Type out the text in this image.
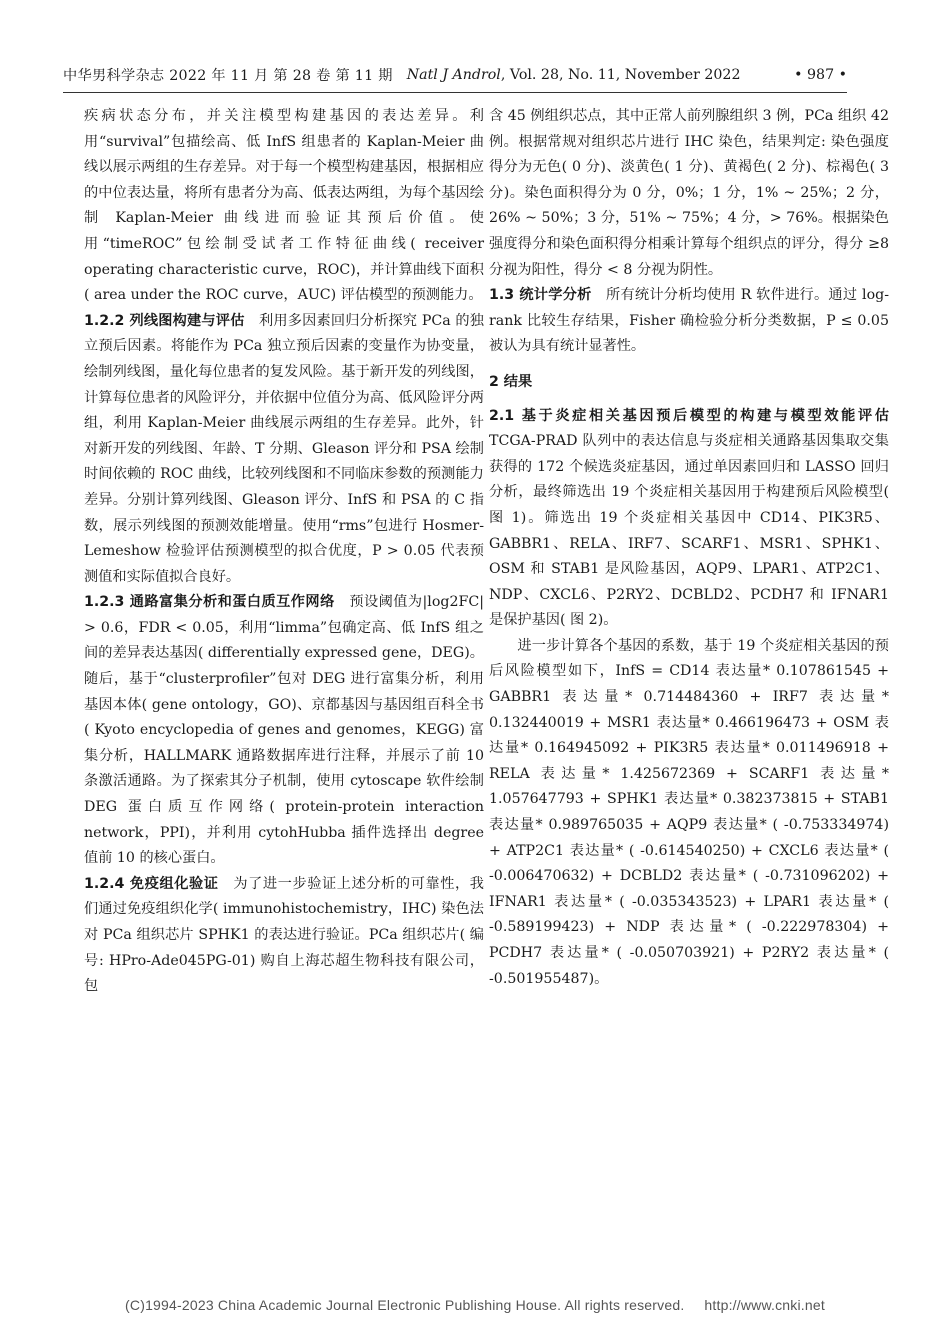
中华男科学杂志 2022 年 11 月 第 28 卷 第 11 期 Natl J Androl , Vol. 28, No. 11, November 2022	• 987 •

疾病状态分布，并关注模型构建基因的表达差异。利用“survival”包描绘高、低 InfS 组患者的 Kaplan-Meier 曲线以展示两组的生存差异。对于每一个模型构建基因，根据相应的中位表达量，将所有患者分为高、低表达两组，为每个基因绘制 Kaplan-Meier 曲线进而验证其预后价值。使用“timeROC”包绘制受试者工作特征曲线( receiver operating characteristic curve，ROC)，并计算曲线下面积( area under the ROC curve，AUC) 评估模型的预测能力。

1.2.2 列线图构建与评估　 利用多因素回归分析探究 PCa 的独立预后因素。将能作为 PCa 独立预后因素的变量作为协变量，绘制列线图，量化每位患者的复发风险。基于新开发的列线图，计算每位患者的风险评分，并依据中位值分为高、低风险评分两组，利用 Kaplan-Meier 曲线展示两组的生存差异。此外，针对新开发的列线图、年龄、T 分期、Gleason 评分和 PSA 绘制时间依赖的 ROC 曲线，比较列线图和不同临床参数的预测能力差异。分别计算列线图、Gleason 评分、InfS 和 PSA 的 C 指数，展示列线图的预测效能增量。使用“rms”包进行 Hosmer-Lemeshow 检验评估预测模型的拟合优度，P > 0.05 代表预测值和实际值拟合良好。

1.2.3 通路富集分析和蛋白质互作网络　 预设阈值为|log2FC| > 0.6，FDR < 0.05，利用“limma”包确定高、低 InfS 组之间的差异表达基因( differentially expressed gene，DEG)。随后，基于“clusterprofiler”包对 DEG 进行富集分析，利用基因本体( gene ontology，GO)、京都基因与基因组百科全书( Kyoto encyclopedia of genes and genomes，KEGG) 富集分析，HALLMARK 通路数据库进行注释，并展示了前 10 条激活通路。为了探索其分子机制，使用 cytoscape 软件绘制 DEG 蛋白质互作网络( protein-protein interaction network，PPI)，并利用 cytohHubba 插件选择出 degree 值前 10 的核心蛋白。

1.2.4 免疫组化验证　 为了进一步验证上述分析的可靠性，我们通过免疫组织化学( immunohistochemistry，IHC) 染色法对 PCa 组织芯片 SPHK1 的表达进行验证。PCa 组织芯片( 编号: HPro-Ade045PG-01) 购自上海芯超生物科技有限公司，包

含 45 例组织芯点，其中正常人前列腺组织 3 例，PCa 组织 42 例。根据常规对组织芯片进行 IHC 染色，结果判定: 染色强度得分为无色( 0 分)、淡黄色( 1 分)、黄褐色( 2 分)、棕褐色( 3 分)。染色面积得分为 0 分，0%；1 分，1% ~ 25%；2 分，26% ~ 50%；3 分，51% ~ 75%；4 分，> 76%。根据染色强度得分和染色面积得分相乘计算每个组织点的评分，得分 ≥8 分视为阳性，得分 < 8 分视为阴性。

1.3 统计学分析　 所有统计分析均使用 R 软件进行。通过 log-rank 比较生存结果，Fisher 确检验分析分类数据，P ≤ 0.05 被认为具有统计显著性。

2 结果

2.1 基于炎症相关基因预后模型的构建与模型效能评估　TCGA-PRAD 队列中的表达信息与炎症相关通路基因集取交集获得的 172 个候选炎症基因，通过单因素回归和 LASSO 回归分析，最终筛选出 19 个炎症相关基因用于构建预后风险模型( 图 1)。筛选出 19 个炎症相关基因中 CD14、PIK3R5、GABBR1、RELA、IRF7、SCARF1、MSR1、SPHK1、OSM 和 STAB1 是风险基因，AQP9、LPAR1、ATP2C1、NDP、CXCL6、P2RY2、DCBLD2、PCDH7 和 IFNAR1 是保护基因( 图 2)。

进一步计算各个基因的系数，基于 19 个炎症相关基因的预后风险模型如下，InfS = CD14 表达量* 0.107861545 + GABBR1 表达量* 0.714484360 + IRF7 表达量* 0.132440019 + MSR1 表达量* 0.466196473 + OSM 表达量* 0.164945092 + PIK3R5 表达量* 0.011496918 + RELA 表达量* 1.425672369 + SCARF1 表达量* 1.057647793 + SPHK1 表达量* 0.382373815 + STAB1 表达量* 0.989765035 + AQP9 表达量* ( -0.753334974) + ATP2C1 表达量* ( -0.614540250) + CXCL6 表达量* ( -0.006470632) + DCBLD2 表达量* ( -0.731096202) + IFNAR1 表达量* ( -0.035343523) + LPAR1 表达量* ( -0.589199423) + NDP 表达量* ( -0.222978304) + PCDH7 表达量* ( -0.050703921) + P2RY2 表达量* ( -0.501955487)。

(C)1994-2023 China Academic Journal Electronic Publishing House. All rights reserved. http://www.cnki.net
